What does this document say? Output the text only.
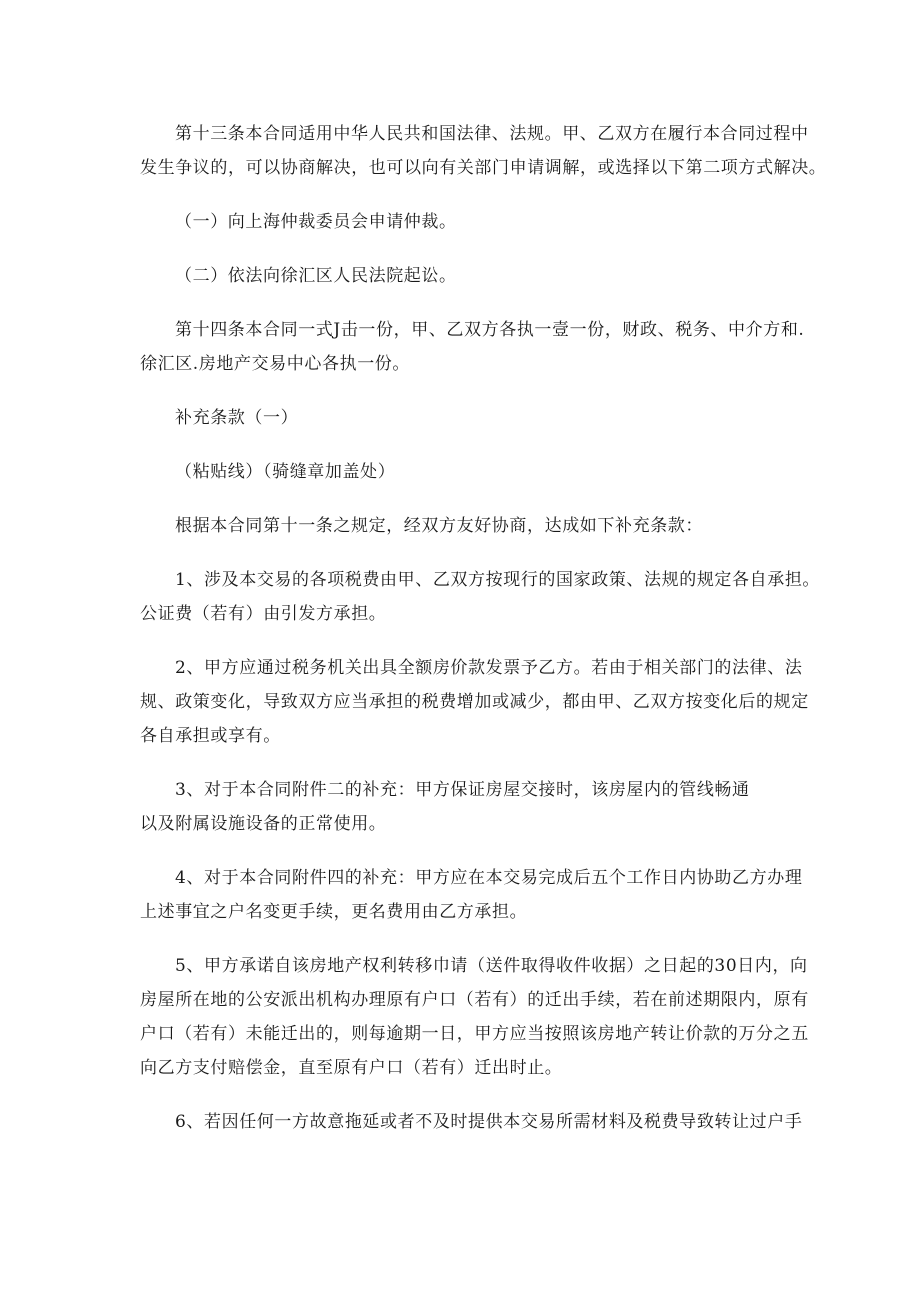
第十三条本合同适用中华人民共和国法律、法规。甲、乙双方在履行本合同过程中
发生争议的，可以协商解决，也可以向有关部门申请调解，或选择以下第二项方式解决。

（一）向上海仲裁委员会申请仲裁。

（二）依法向徐汇区人民法院起讼。

第十四条本合同一式J击一份，甲、乙双方各执一壹一份，财政、税务、中介方和.
徐汇区.房地产交易中心各执一份。

补充条款（一）

（粘贴线）（骑缝章加盖处）

根据本合同第十一条之规定，经双方友好协商，达成如下补充条款：

1、涉及本交易的各项税费由甲、乙双方按现行的国家政策、法规的规定各自承担。
公证费（若有）由引发方承担。

2、甲方应通过税务机关出具全额房价款发票予乙方。若由于相关部门的法律、法
规、政策变化，导致双方应当承担的税费增加或减少，都由甲、乙双方按变化后的规定
各自承担或享有。

3、对于本合同附件二的补充：甲方保证房屋交接时，该房屋内的管线畅通
以及附属设施设备的正常使用。

4、对于本合同附件四的补充：甲方应在本交易完成后五个工作日内协助乙方办理
上述事宜之户名变更手续，更名费用由乙方承担。

5、甲方承诺自该房地产权利转移巾请（送件取得收件收据）之日起的30日内，向
房屋所在地的公安派出机构办理原有户口（若有）的迁出手续，若在前述期限内，原有
户口（若有）未能迁出的，则每逾期一日，甲方应当按照该房地产转让价款的万分之五
向乙方支付赔偿金，直至原有户口（若有）迁出时止。

6、若因任何一方故意拖延或者不及时提供本交易所需材料及税费导致转让过户手
